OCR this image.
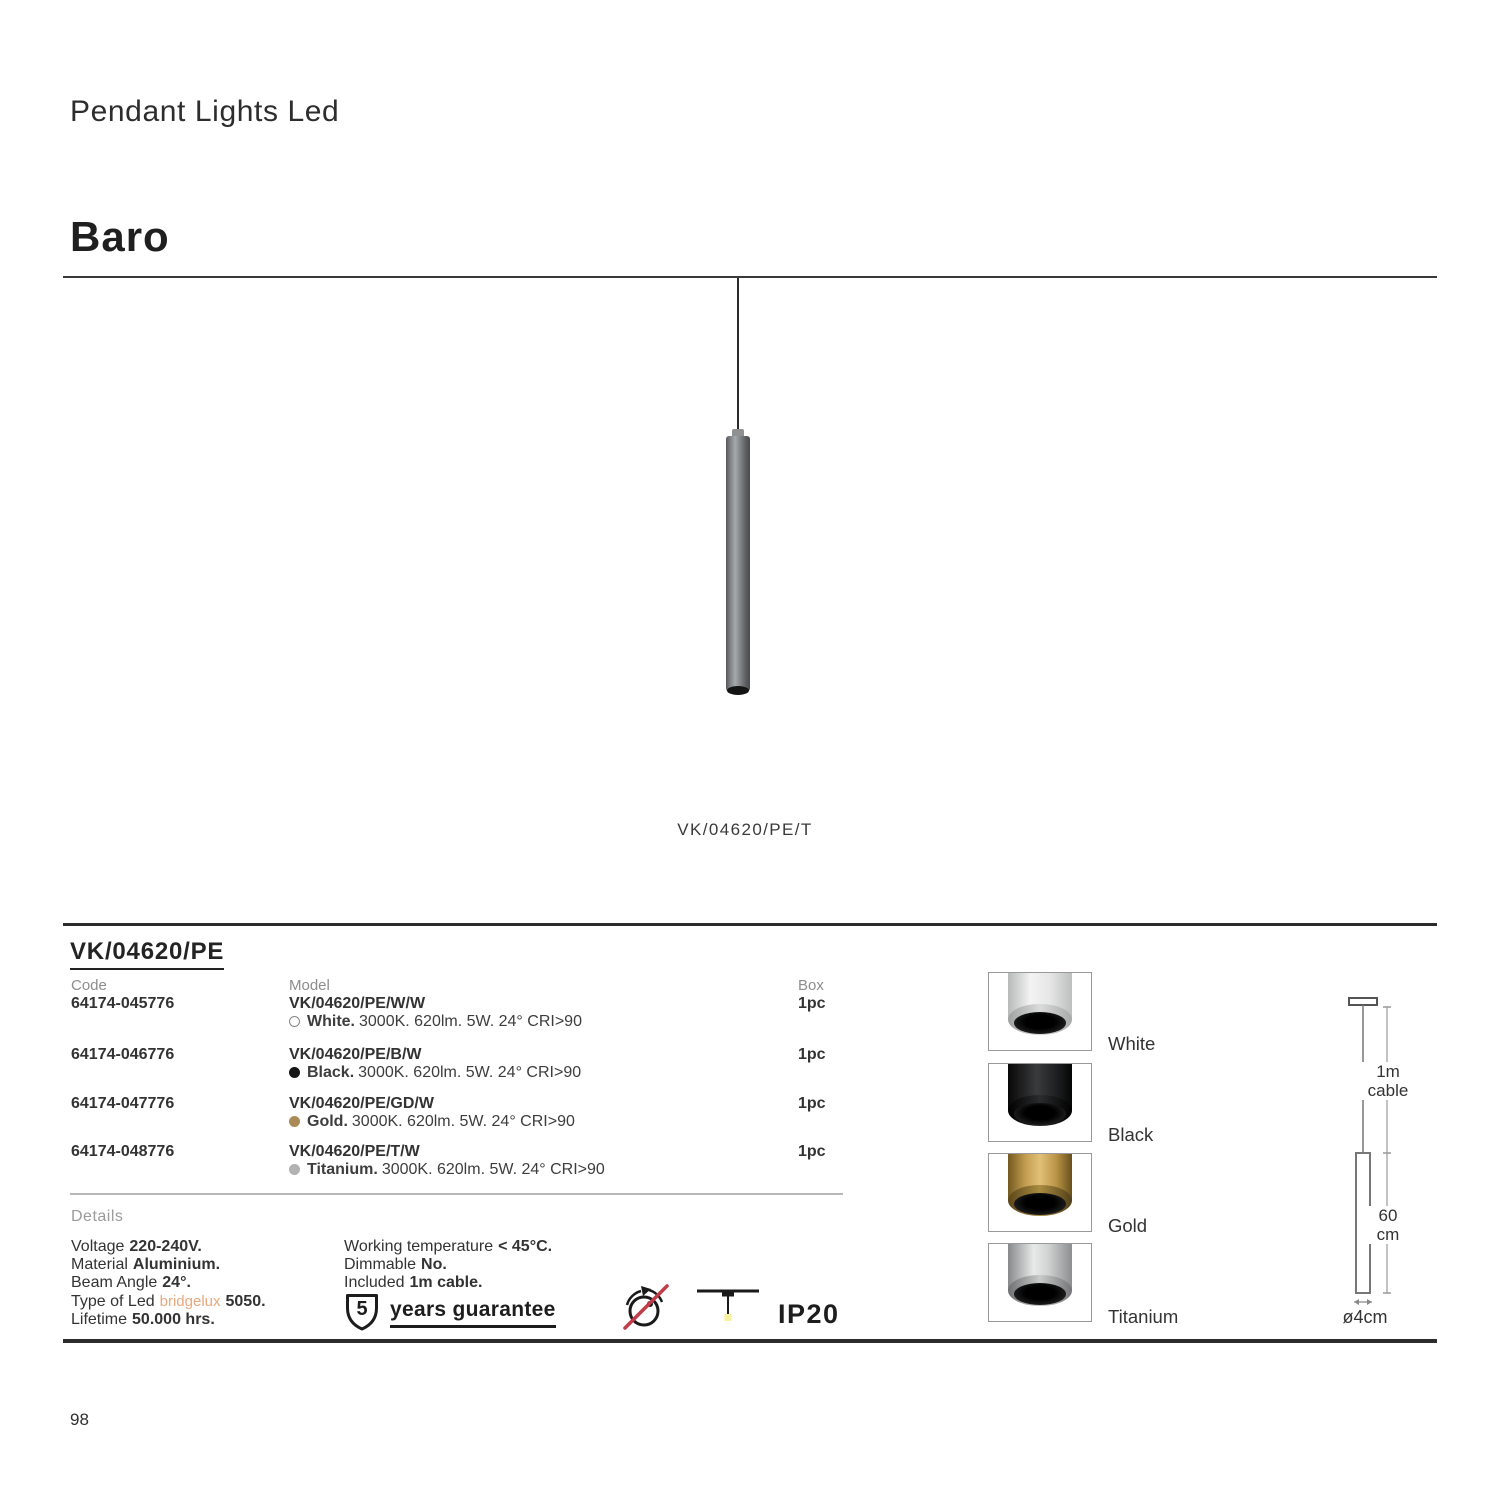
Pendant Lights Led
Baro
VK/04620/PE/T
VK/04620/PE
Code	Model	Box
64174-045776	VK/04620/PE/W/W	1pc
White. 3000K. 620lm. 5W. 24° CRI>90
64174-046776	VK/04620/PE/B/W	1pc
Black. 3000K. 620lm. 5W. 24° CRI>90
64174-047776	VK/04620/PE/GD/W	1pc
Gold. 3000K. 620lm. 5W. 24° CRI>90
64174-048776	VK/04620/PE/T/W	1pc
Titanium. 3000K. 620lm. 5W. 24° CRI>90
Details
Voltage 220-240V.
Material Aluminium.
Beam Angle 24°.
Type of Led bridgelux 5050.
Lifetime 50.000 hrs.
Working temperature < 45°C.
Dimmable No.
Included 1m cable.
5	years guarantee	IP20
White
Black
Gold
Titanium
1m
cable
60
cm
ø4cm
98
